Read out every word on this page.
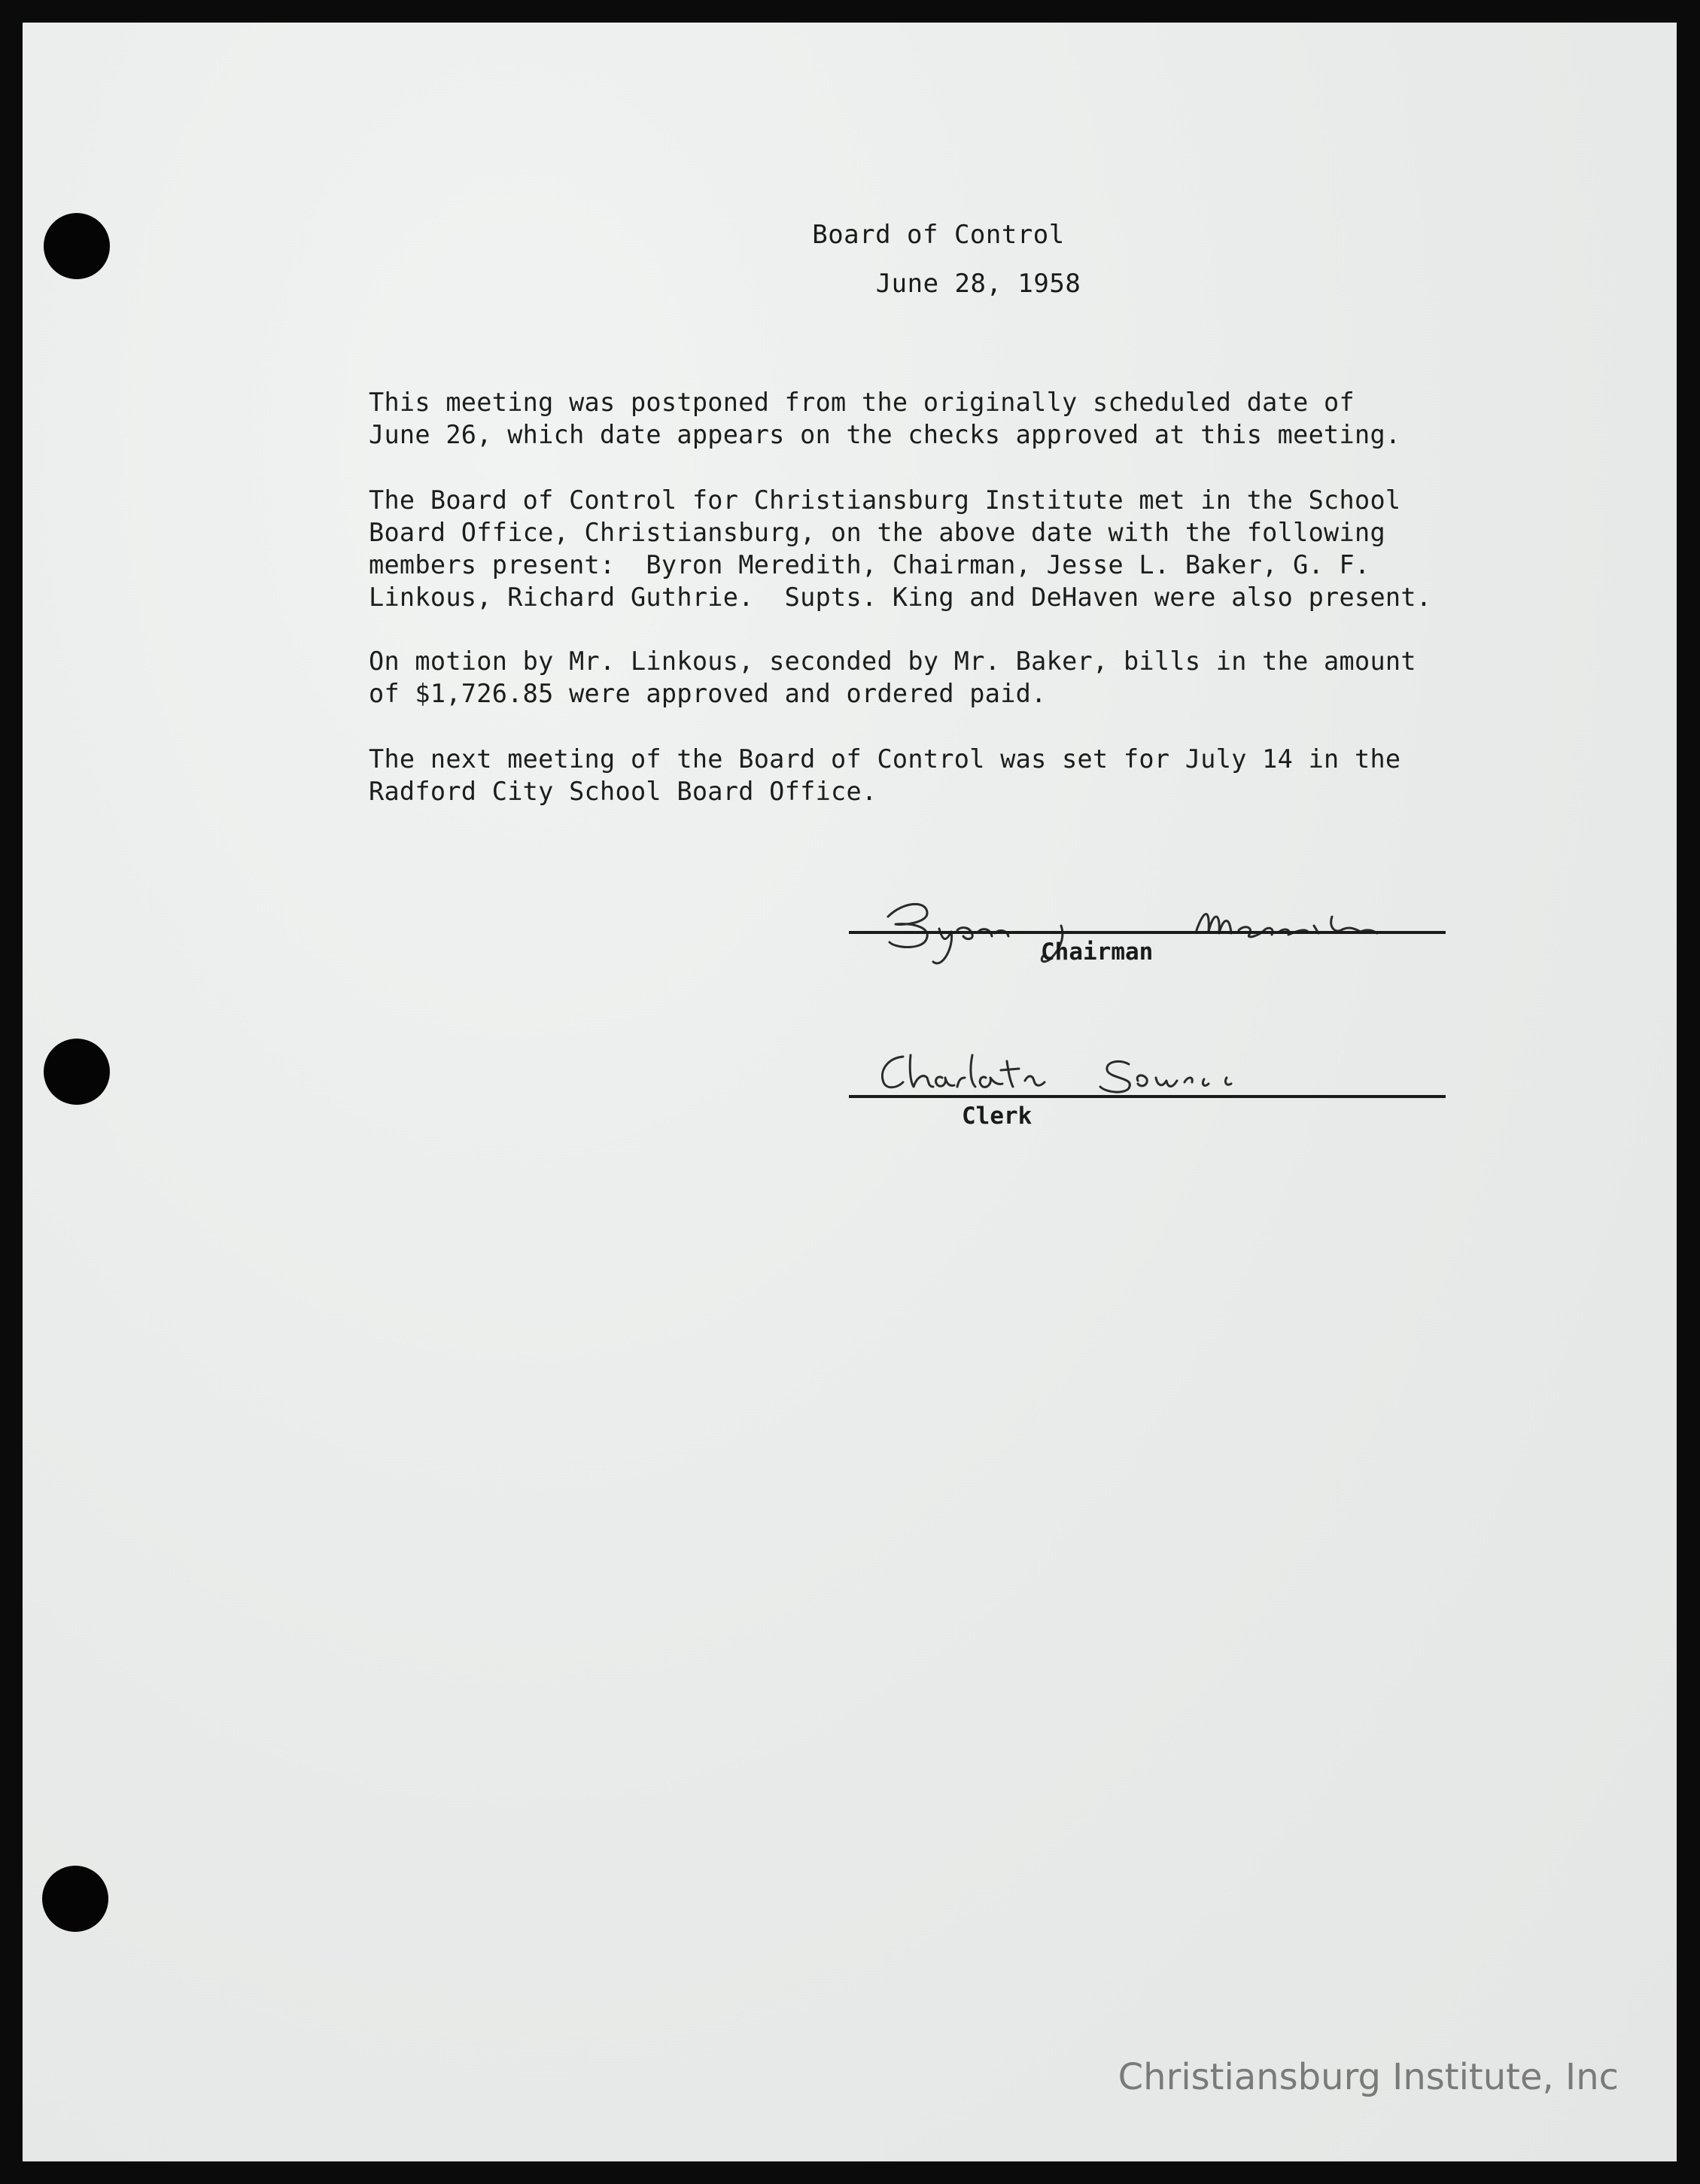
Board of Control
June 28, 1958
This meeting was postponed from the originally scheduled date of
June 26, which date appears on the checks approved at this meeting.
The Board of Control for Christiansburg Institute met in the School
Board Office, Christiansburg, on the above date with the following
members present:  Byron Meredith, Chairman, Jesse L. Baker, G. F.
Linkous, Richard Guthrie.  Supts. King and DeHaven were also present.
On motion by Mr. Linkous, seconded by Mr. Baker, bills in the amount
of $1,726.85 were approved and ordered paid.
The next meeting of the Board of Control was set for July 14 in the
Radford City School Board Office.
Chairman
Clerk
Christiansburg Institute, Inc
